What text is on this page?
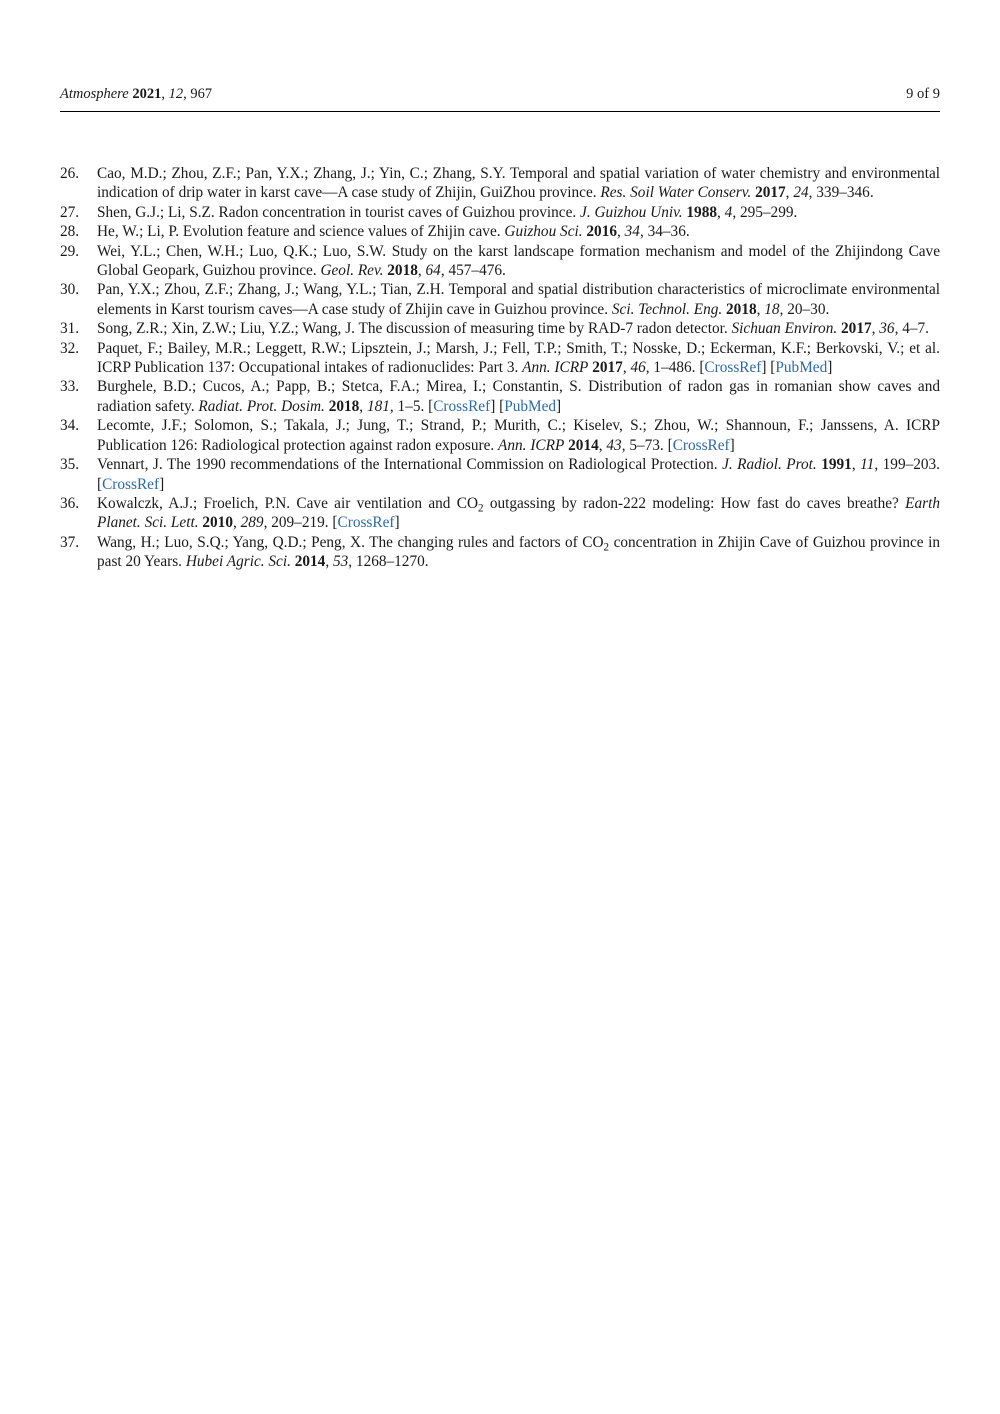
Atmosphere 2021, 12, 967	9 of 9
26.	Cao, M.D.; Zhou, Z.F.; Pan, Y.X.; Zhang, J.; Yin, C.; Zhang, S.Y. Temporal and spatial variation of water chemistry and environmental indication of drip water in karst cave—A case study of Zhijin, GuiZhou province. Res. Soil Water Conserv. 2017, 24, 339–346.
27.	Shen, G.J.; Li, S.Z. Radon concentration in tourist caves of Guizhou province. J. Guizhou Univ. 1988, 4, 295–299.
28.	He, W.; Li, P. Evolution feature and science values of Zhijin cave. Guizhou Sci. 2016, 34, 34–36.
29.	Wei, Y.L.; Chen, W.H.; Luo, Q.K.; Luo, S.W. Study on the karst landscape formation mechanism and model of the Zhijindong Cave Global Geopark, Guizhou province. Geol. Rev. 2018, 64, 457–476.
30.	Pan, Y.X.; Zhou, Z.F.; Zhang, J.; Wang, Y.L.; Tian, Z.H. Temporal and spatial distribution characteristics of microclimate environmental elements in Karst tourism caves—A case study of Zhijin cave in Guizhou province. Sci. Technol. Eng. 2018, 18, 20–30.
31.	Song, Z.R.; Xin, Z.W.; Liu, Y.Z.; Wang, J. The discussion of measuring time by RAD-7 radon detector. Sichuan Environ. 2017, 36, 4–7.
32.	Paquet, F.; Bailey, M.R.; Leggett, R.W.; Lipsztein, J.; Marsh, J.; Fell, T.P.; Smith, T.; Nosske, D.; Eckerman, K.F.; Berkovski, V.; et al. ICRP Publication 137: Occupational intakes of radionuclides: Part 3. Ann. ICRP 2017, 46, 1–486. [CrossRef] [PubMed]
33.	Burghele, B.D.; Cucos, A.; Papp, B.; Stetca, F.A.; Mirea, I.; Constantin, S. Distribution of radon gas in romanian show caves and radiation safety. Radiat. Prot. Dosim. 2018, 181, 1–5. [CrossRef] [PubMed]
34.	Lecomte, J.F.; Solomon, S.; Takala, J.; Jung, T.; Strand, P.; Murith, C.; Kiselev, S.; Zhou, W.; Shannoun, F.; Janssens, A. ICRP Publication 126: Radiological protection against radon exposure. Ann. ICRP 2014, 43, 5–73. [CrossRef]
35.	Vennart, J. The 1990 recommendations of the International Commission on Radiological Protection. J. Radiol. Prot. 1991, 11, 199–203. [CrossRef]
36.	Kowalczk, A.J.; Froelich, P.N. Cave air ventilation and $CO_2$ outgassing by radon-222 modeling: How fast do caves breathe? Earth Planet. Sci. Lett. 2010, 289, 209–219. [CrossRef]
37.	Wang, H.; Luo, S.Q.; Yang, Q.D.; Peng, X. The changing rules and factors of $CO_2$ concentration in Zhijin Cave of Guizhou province in past 20 Years. Hubei Agric. Sci. 2014, 53, 1268–1270.
